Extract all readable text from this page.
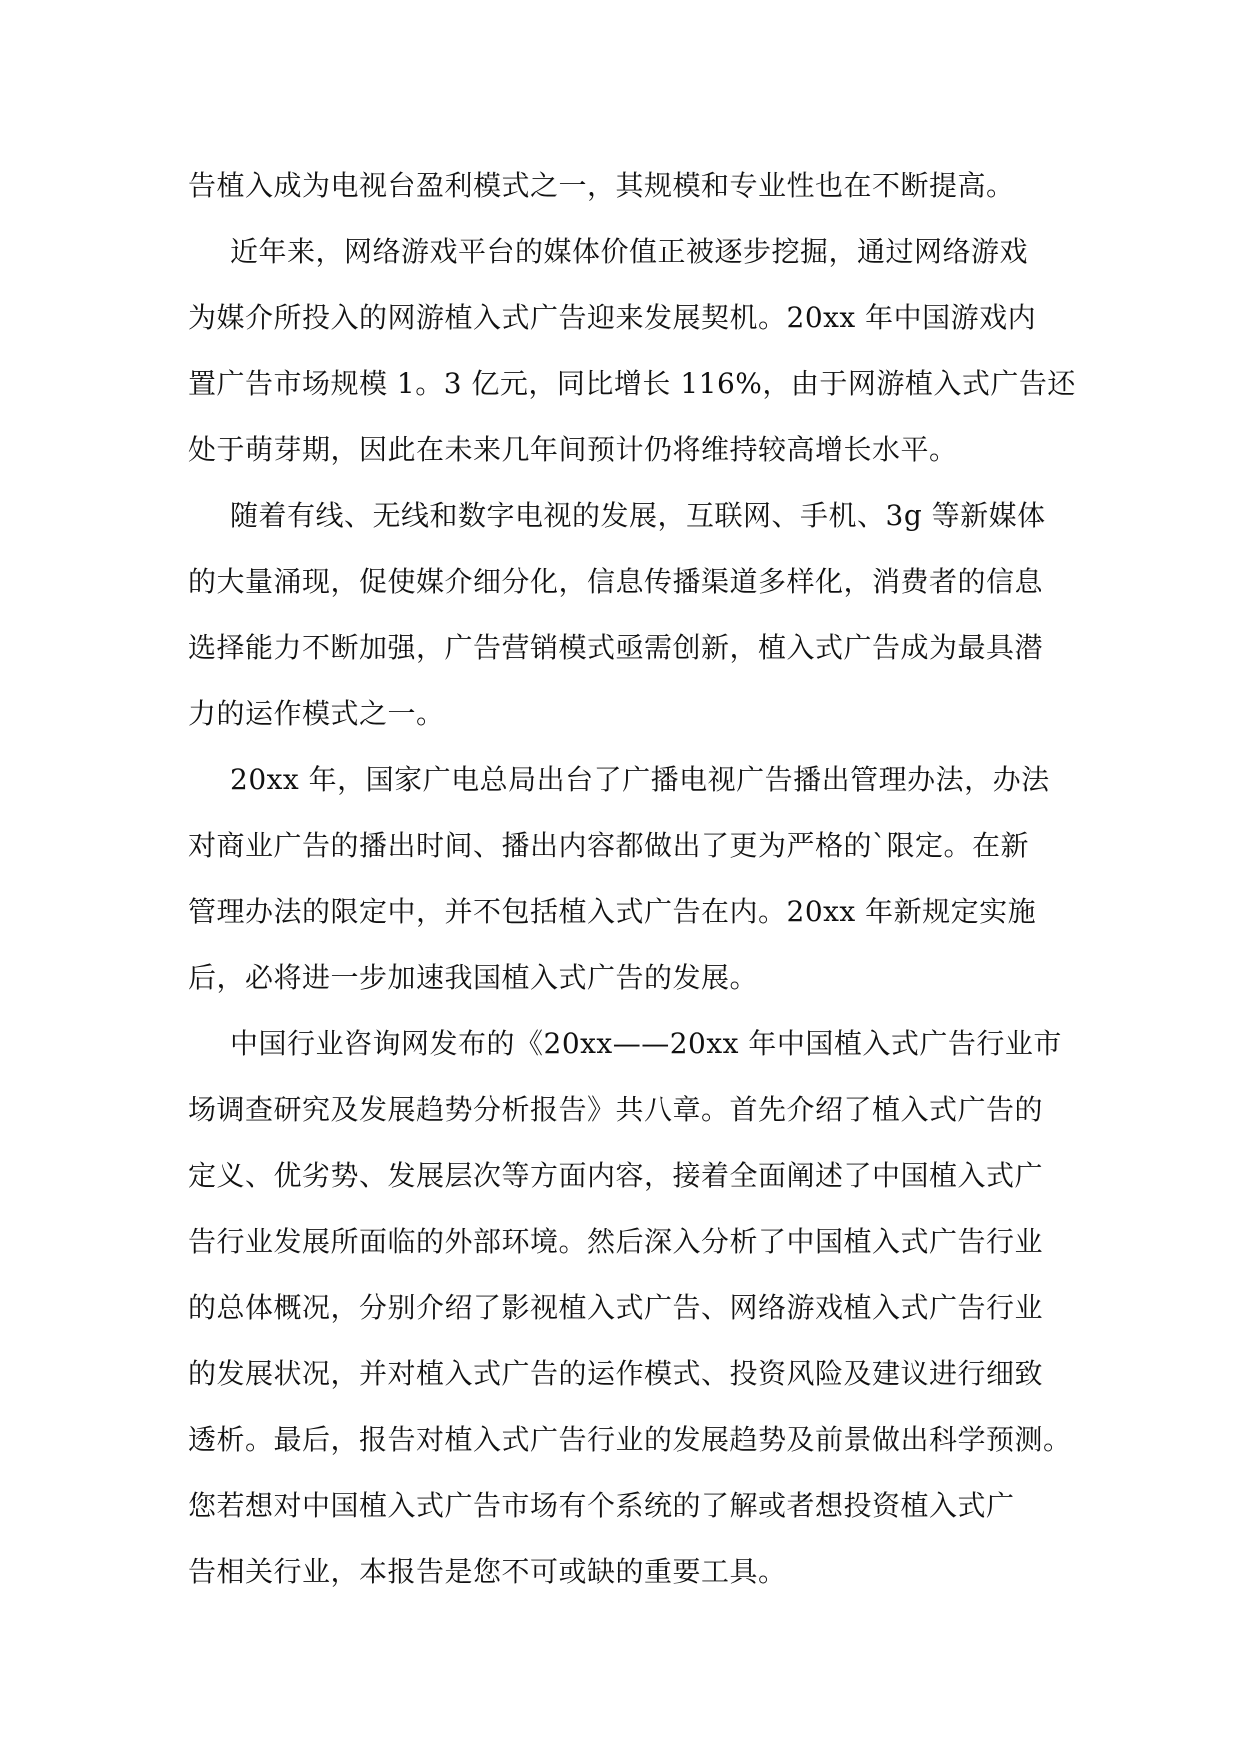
告植入成为电视台盈利模式之一，其规模和专业性也在不断提高。
近年来，网络游戏平台的媒体价值正被逐步挖掘，通过网络游戏
为媒介所投入的网游植入式广告迎来发展契机。20xx 年中国游戏内
置广告市场规模 1。3 亿元，同比增长 116%，由于网游植入式广告还
处于萌芽期，因此在未来几年间预计仍将维持较高增长水平。
随着有线、无线和数字电视的发展，互联网、手机、3g 等新媒体
的大量涌现，促使媒介细分化，信息传播渠道多样化，消费者的信息
选择能力不断加强，广告营销模式亟需创新，植入式广告成为最具潜
力的运作模式之一。
20xx 年，国家广电总局出台了广播电视广告播出管理办法，办法
对商业广告的播出时间、播出内容都做出了更为严格的`限定。在新
管理办法的限定中，并不包括植入式广告在内。20xx 年新规定实施
后，必将进一步加速我国植入式广告的发展。
中国行业咨询网发布的《20xx——20xx 年中国植入式广告行业市
场调查研究及发展趋势分析报告》共八章。首先介绍了植入式广告的
定义、优劣势、发展层次等方面内容，接着全面阐述了中国植入式广
告行业发展所面临的外部环境。然后深入分析了中国植入式广告行业
的总体概况，分别介绍了影视植入式广告、网络游戏植入式广告行业
的发展状况，并对植入式广告的运作模式、投资风险及建议进行细致
透析。最后，报告对植入式广告行业的发展趋势及前景做出科学预测。
您若想对中国植入式广告市场有个系统的了解或者想投资植入式广
告相关行业，本报告是您不可或缺的重要工具。
